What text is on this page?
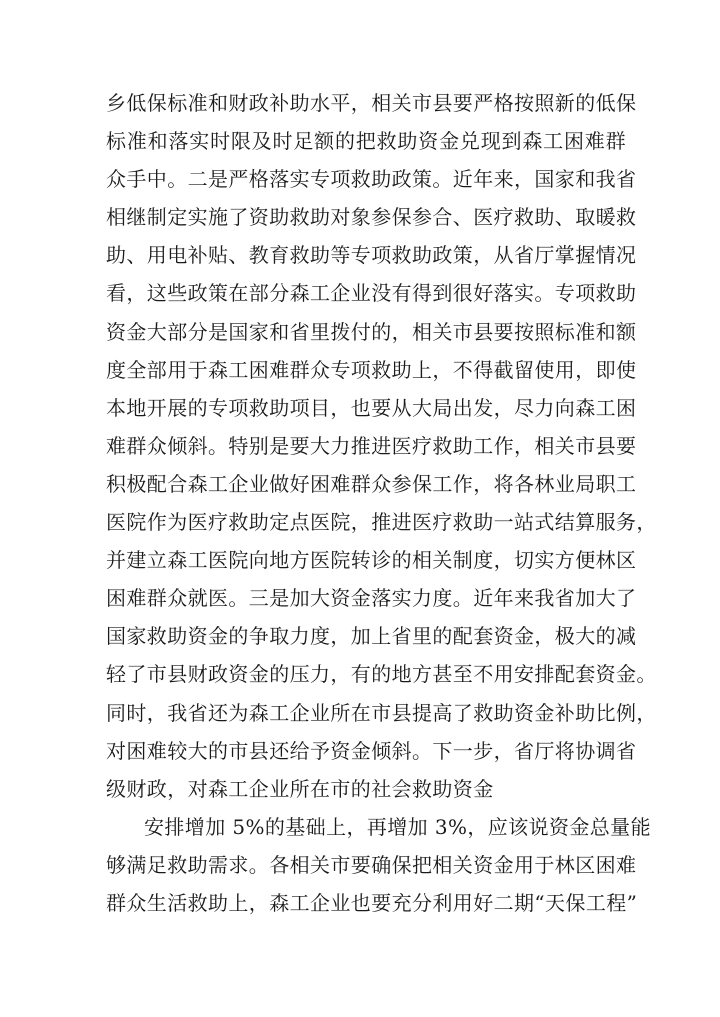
乡低保标准和财政补助水平，相关市县要严格按照新的低保
标准和落实时限及时足额的把救助资金兑现到森工困难群
众手中。二是严格落实专项救助政策。近年来，国家和我省
相继制定实施了资助救助对象参保参合、医疗救助、取暖救
助、用电补贴、教育救助等专项救助政策，从省厅掌握情况
看，这些政策在部分森工企业没有得到很好落实。专项救助
资金大部分是国家和省里拨付的，相关市县要按照标准和额
度全部用于森工困难群众专项救助上，不得截留使用，即使
本地开展的专项救助项目，也要从大局出发，尽力向森工困
难群众倾斜。特别是要大力推进医疗救助工作，相关市县要
积极配合森工企业做好困难群众参保工作，将各林业局职工
医院作为医疗救助定点医院，推进医疗救助一站式结算服务，
并建立森工医院向地方医院转诊的相关制度，切实方便林区
困难群众就医。三是加大资金落实力度。近年来我省加大了
国家救助资金的争取力度，加上省里的配套资金，极大的减
轻了市县财政资金的压力，有的地方甚至不用安排配套资金。
同时，我省还为森工企业所在市县提高了救助资金补助比例，
对困难较大的市县还给予资金倾斜。下一步，省厅将协调省
级财政，对森工企业所在市的社会救助资金
安排增加 5%的基础上，再增加 3%，应该说资金总量能
够满足救助需求。各相关市要确保把相关资金用于林区困难
群众生活救助上，森工企业也要充分利用好二期“天保工程”
